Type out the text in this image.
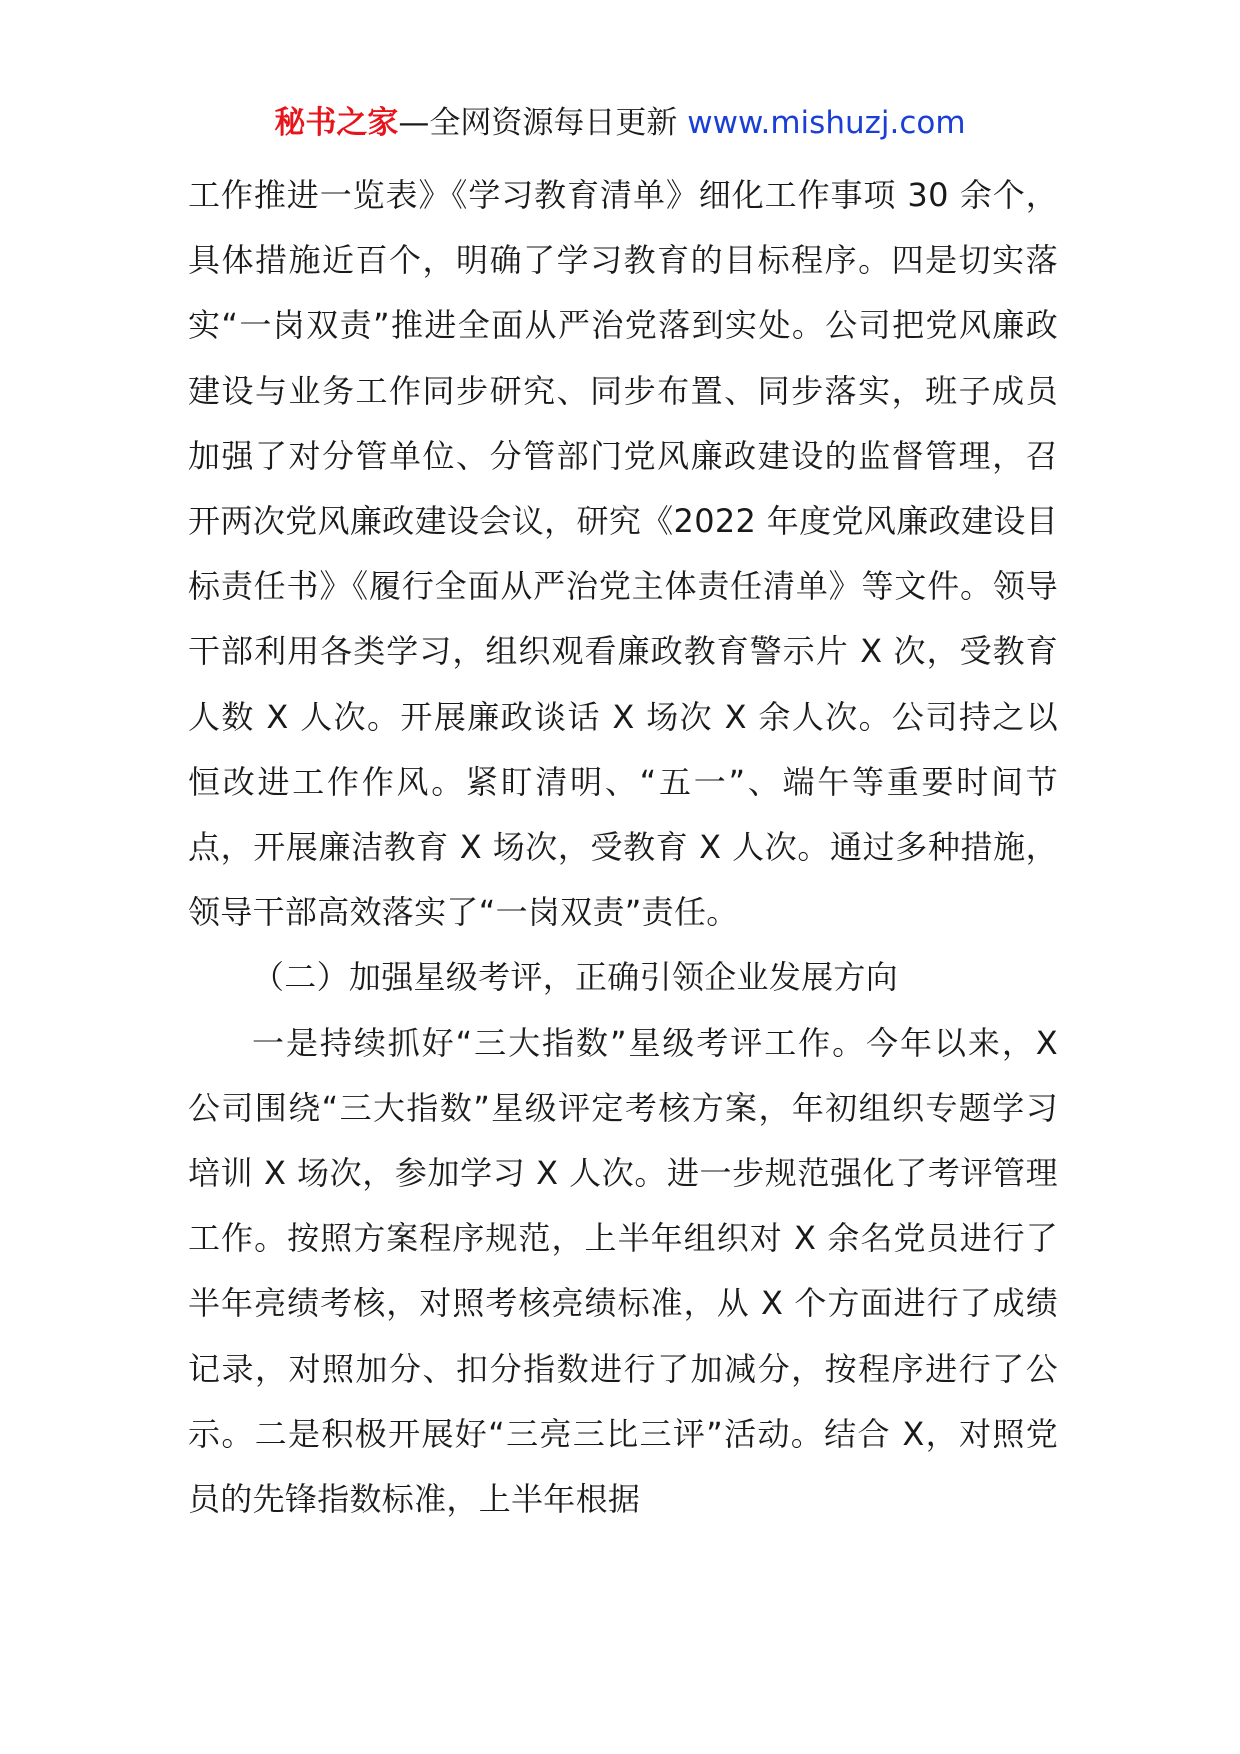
秘书之家—全网资源每日更新 www.mishuzj.com

工作推进一览表》《学习教育清单》细化工作事项 30 余个，具体措施近百个，明确了学习教育的目标程序。四是切实落实“一岗双责”推进全面从严治党落到实处。公司把党风廉政建设与业务工作同步研究、同步布置、同步落实，班子成员加强了对分管单位、分管部门党风廉政建设的监督管理，召开两次党风廉政建设会议，研究《2022 年度党风廉政建设目标责任书》《履行全面从严治党主体责任清单》等文件。领导干部利用各类学习，组织观看廉政教育警示片 X 次，受教育人数 X 人次。开展廉政谈话 X 场次 X 余人次。公司持之以恒改进工作作风。紧盯清明、“五一”、端午等重要时间节点，开展廉洁教育 X 场次，受教育 X 人次。通过多种措施，领导干部高效落实了“一岗双责”责任。

（二）加强星级考评，正确引领企业发展方向

一是持续抓好“三大指数”星级考评工作。今年以来，X 公司围绕“三大指数”星级评定考核方案，年初组织专题学习培训 X 场次，参加学习 X 人次。进一步规范强化了考评管理工作。按照方案程序规范，上半年组织对 X 余名党员进行了半年亮绩考核，对照考核亮绩标准，从 X 个方面进行了成绩记录，对照加分、扣分指数进行了加减分，按程序进行了公示。二是积极开展好“三亮三比三评”活动。结合 X，对照党员的先锋指数标准，上半年根据
